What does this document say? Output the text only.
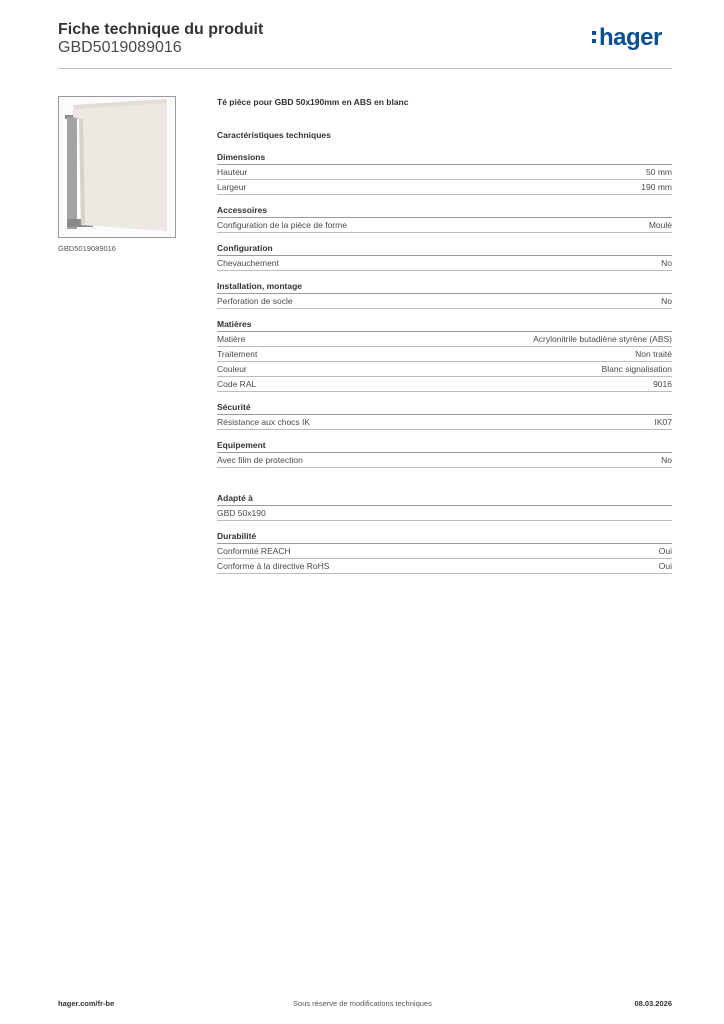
Fiche technique du produit
GBD5019089016	hager
GBD5019089016
Té pièce pour GBD 50x190mm en ABS en blanc
Caractéristiques techniques
Dimensions
Hauteur	50 mm
Largeur	190 mm
Accessoires
Configuration de la pièce de forme	Moulé
Configuration
Chevauchement	No
Installation, montage
Perforation de socle	No
Matières
Matière	Acrylonitrile butadiène styrène (ABS)
Traitement	Non traité
Couleur	Blanc signalisation
Code RAL	9016
Sécurité
Résistance aux chocs IK	IK07
Equipement
Avec film de protection	No
Adapté à
GBD 50x190
Durabilité
Conformité REACH	Oui
Conforme à la directive RoHS	Oui
hager.com/fr-be	Sous réserve de modifications techniques	08.03.2026
